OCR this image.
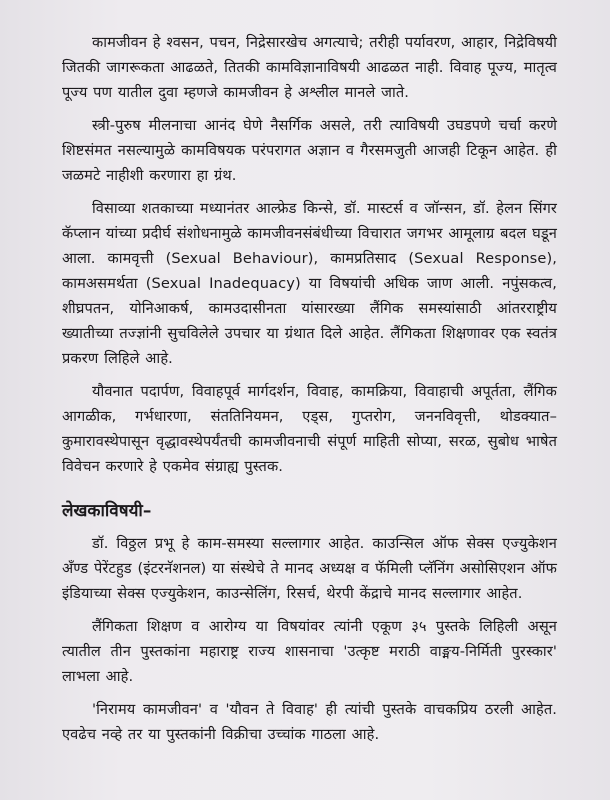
कामजीवन हे श्वसन, पचन, निद्रेसारखेच अगत्याचे; तरीही पर्यावरण, आहार, निद्रेविषयी जितकी जागरूकता आढळते, तितकी कामविज्ञानाविषयी आढळत नाही. विवाह पूज्य, मातृत्व पूज्य पण यातील दुवा म्हणजे कामजीवन हे अश्लील मानले जाते.

स्त्री-पुरुष मीलनाचा आनंद घेणे नैसर्गिक असले, तरी त्याविषयी उघडपणे चर्चा करणे शिष्टसंमत नसल्यामुळे कामविषयक परंपरागत अज्ञान व गैरसमजुती आजही टिकून आहेत. ही जळमटे नाहीशी करणारा हा ग्रंथ.

विसाव्या शतकाच्या मध्यानंतर आल्फ्रेड किन्से, डॉ. मास्टर्स व जॉन्सन, डॉ. हेलन सिंगर कॅप्लान यांच्या प्रदीर्घ संशोधनामुळे कामजीवनसंबंधीच्या विचारात जगभर आमूलाग्र बदल घडून आला. कामवृत्ती (Sexual Behaviour), कामप्रतिसाद (Sexual Response), कामअसमर्थता (Sexual Inadequacy) या विषयांची अधिक जाण आली. नपुंसकत्व, शीघ्रपतन, योनिआकर्ष, कामउदासीनता यांसारख्या लैंगिक समस्यांसाठी आंतरराष्ट्रीय ख्यातीच्या तज्ज्ञांनी सुचविलेले उपचार या ग्रंथात दिले आहेत. लैंगिकता शिक्षणावर एक स्वतंत्र प्रकरण लिहिले आहे.

यौवनात पदार्पण, विवाहपूर्व मार्गदर्शन, विवाह, कामक्रिया, विवाहाची अपूर्तता, लैंगिक आगळीक, गर्भधारणा, संततिनियमन, एड्स, गुप्तरोग, जननविवृत्ती, थोडक्यात– कुमारावस्थेपासून वृद्धावस्थेपर्यंतची कामजीवनाची संपूर्ण माहिती सोप्या, सरळ, सुबोध भाषेत विवेचन करणारे हे एकमेव संग्राह्य पुस्तक.

लेखकाविषयी–

डॉ. विठ्ठल प्रभू हे काम-समस्या सल्लागार आहेत. काउन्सिल ऑफ सेक्स एज्युकेशन अँण्ड पेरेंटहुड (इंटरनॅशनल) या संस्थेचे ते मानद अध्यक्ष व फॅमिली प्लॅनिंग असोसिएशन ऑफ इंडियाच्या सेक्स एज्युकेशन, काउन्सेलिंग, रिसर्च, थेरपी केंद्राचे मानद सल्लागार आहेत.

लैंगिकता शिक्षण व आरोग्य या विषयांवर त्यांनी एकूण ३५ पुस्तके लिहिली असून त्यातील तीन पुस्तकांना महाराष्ट्र राज्य शासनाचा 'उत्कृष्ट मराठी वाङ्मय-निर्मिती पुरस्कार' लाभला आहे.

'निरामय कामजीवन' व 'यौवन ते विवाह' ही त्यांची पुस्तके वाचकप्रिय ठरली आहेत. एवढेच नव्हे तर या पुस्तकांनी विक्रीचा उच्चांक गाठला आहे.
